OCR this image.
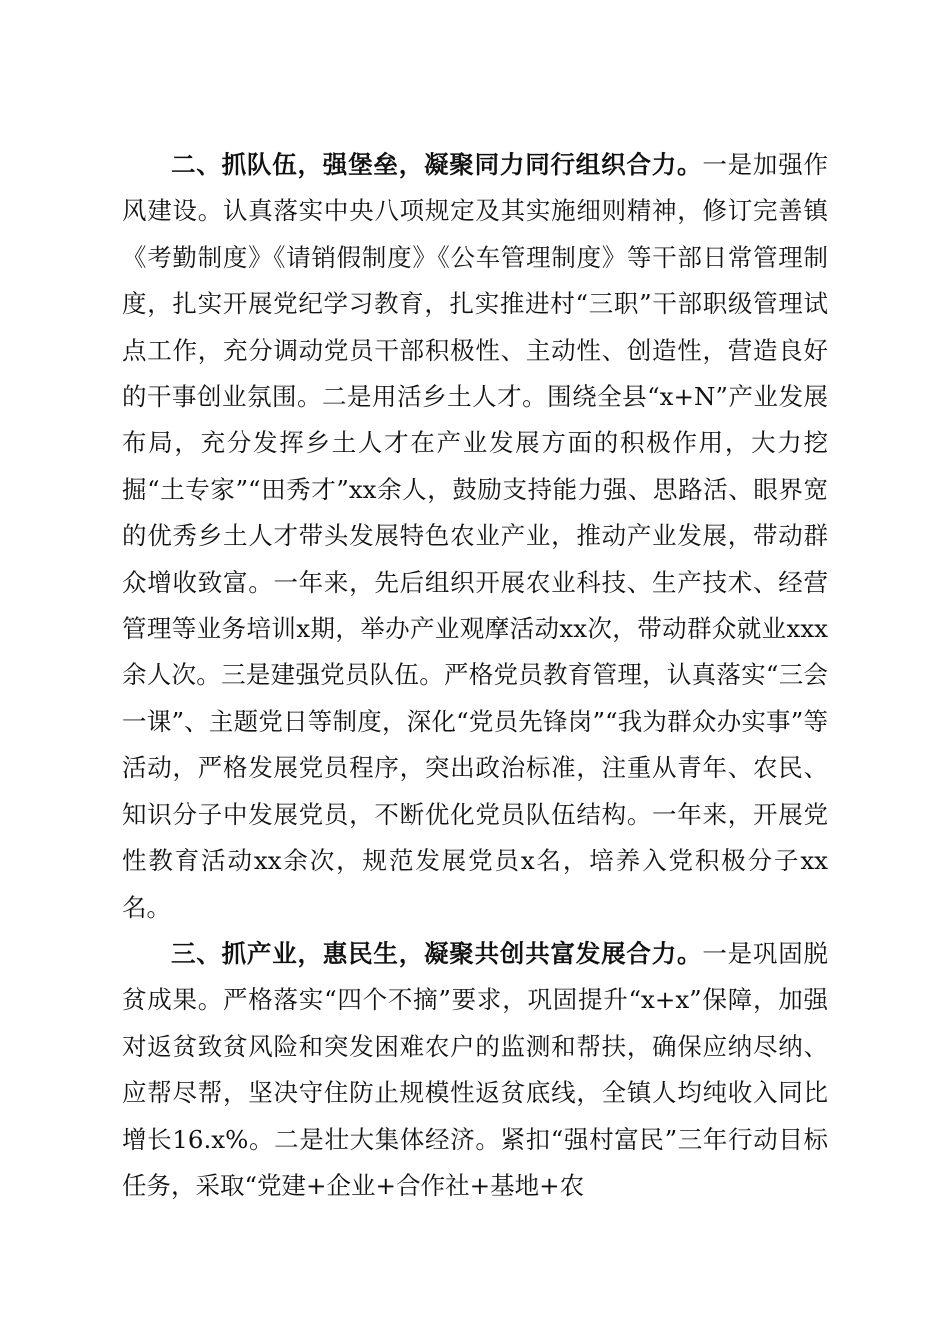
二、抓队伍，强堡垒，凝聚同力同行组织合力。一是加强作风建设。认真落实中央八项规定及其实施细则精神，修订完善镇《考勤制度》《请销假制度》《公车管理制度》等干部日常管理制度，扎实开展党纪学习教育，扎实推进村“三职”干部职级管理试点工作，充分调动党员干部积极性、主动性、创造性，营造良好的干事创业氛围。二是用活乡土人才。围绕全县“x+N”产业发展布局，充分发挥乡土人才在产业发展方面的积极作用，大力挖掘“土专家”“田秀才”xx余人，鼓励支持能力强、思路活、眼界宽的优秀乡土人才带头发展特色农业产业，推动产业发展，带动群众增收致富。一年来，先后组织开展农业科技、生产技术、经营管理等业务培训x期，举办产业观摩活动xx次，带动群众就业xxx余人次。三是建强党员队伍。严格党员教育管理，认真落实“三会一课”、主题党日等制度，深化“党员先锋岗”“我为群众办实事”等活动，严格发展党员程序，突出政治标准，注重从青年、农民、知识分子中发展党员，不断优化党员队伍结构。一年来，开展党性教育活动xx余次，规范发展党员x名，培养入党积极分子xx名。

三、抓产业，惠民生，凝聚共创共富发展合力。一是巩固脱贫成果。严格落实“四个不摘”要求，巩固提升“x+x”保障，加强对返贫致贫风险和突发困难农户的监测和帮扶，确保应纳尽纳、应帮尽帮，坚决守住防止规模性返贫底线，全镇人均纯收入同比增长16.x%。二是壮大集体经济。紧扣“强村富民”三年行动目标任务，采取“党建+企业+合作社+基地+农
